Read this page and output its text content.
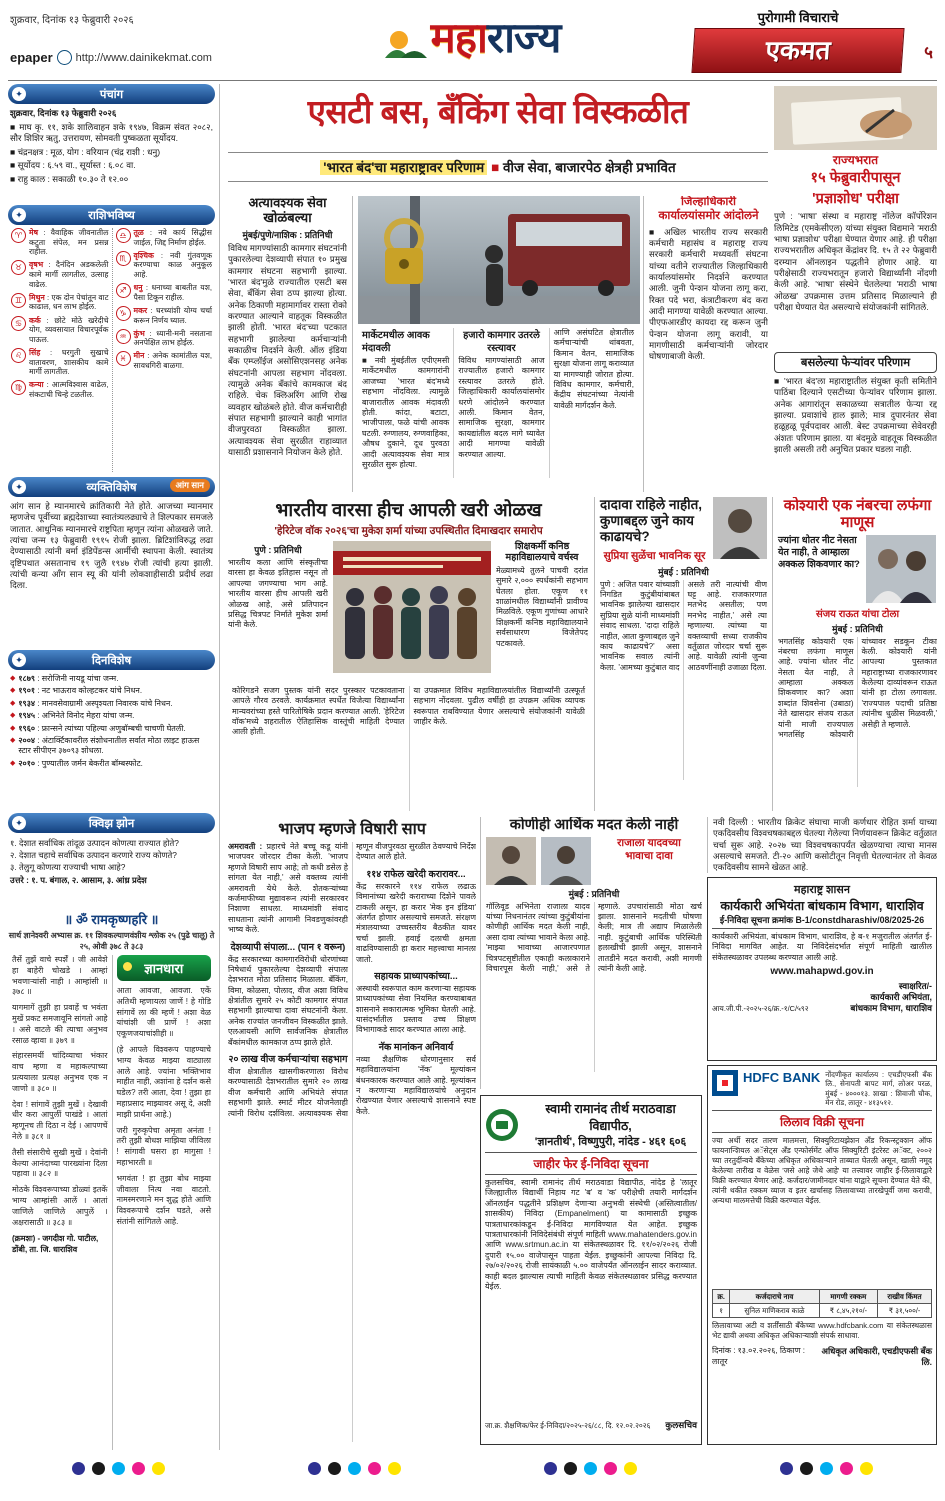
शुक्रवार, दिनांक १३ फेब्रुवारी २०२६
epaper http://www.dainikekmat.com	महाराज्य	पुरोगामी विचाराचे
एकमत	५
✦	पंचांग
शुक्रवार, दिनांक १३ फेब्रुवारी २०२६
■ माघ कृ. ११, शके शालिवाहन शके १९४७, विक्रम संवत २०८२, सौर शिशिर ऋतु, उत्तरायण, सोमवती पुष्कळता सूर्योदय.
■ चंद्रनक्षत्र : मूळ, योग : वरियान (चंद्र राशी : धनु)
■ सूर्योदय : ६.५९ वा., सूर्यास्त : ६.०८ वा.
■ राहु काल : सकाळी १०.३० ते १२.००
✦	राशिभविष्य
♈ मेष : वैवाहिक जीवनातील कटुता संपेल, मन प्रसन्न राहील.
♉ वृषभ : दैनंदिन अडकलेली कामे मार्गी लागतील, उत्साह वाढेल.
♊ मिथुन : एक दोन पेचांतून वाट काढाल, धन लाभ होईल.
♋ कर्क : छोटे मोठे खरेदीचे योग, व्यवसायात विचारपूर्वक पाऊल.
♌ सिंह : घरगुती सुखाचे वातावरण, शासकीय कामे मार्गी लागतील.
♍ कन्या : आत्मविश्वास वाढेल, संकटाची चिन्हे टळतील.
♎ तूळ : नवे कार्य सिद्धीस जाईल, जिद्द निर्माण होईल.
♏ वृश्चिक : नवी गुंतवणूक करण्याचा काळ अनुकूल आहे.
♐ धनु : धनाच्या बाबतीत यश, पैसा टिकून राहील.
♑ मकर : घरच्यांशी योग्य चर्चा करून निर्णय घ्याल.
♒ कुंभ : ध्यानी-मनी नसताना अनपेक्षित लाभ होईल.
♓ मीन : अनेक कामांतील यश, सावधगिरी बाळगा.
✦	व्यक्तिविशेष	आंग सान
आंग सान हे म्यानमारचे क्रांतिकारी नेते होते. आजच्या म्यानमार म्हणजेच पूर्वीच्या ब्रह्मदेशाच्या स्वातंत्र्यलढ्याचे ते शिल्पकार समजले जातात. आधुनिक म्यानमारचे राष्ट्रपिता म्हणून त्यांना ओळखले जाते. त्यांचा जन्म १३ फेब्रुवारी १९१५ रोजी झाला. ब्रिटिशांविरुद्ध लढा देण्यासाठी त्यांनी बर्मा इंडिपेंडन्स आर्मीची स्थापना केली. स्वातंत्र्य दृष्टिपथात असतानाच १९ जुलै १९४७ रोजी त्यांची हत्या झाली. त्यांची कन्या आँग सान स्यू की यांनी लोकशाहीसाठी प्रदीर्घ लढा दिला.
✦	दिनविशेष
◆ १८७९ : सरोजिनी नायडू यांचा जन्म.
◆ १९०१ : नट भाऊराव कोल्हटकर यांचे निधन.
◆ १९३४ : मानवसेवाग्रामी अस्पृश्यता निवारक यांचे निधन.
◆ १९४५ : अभिनेते विनोद मेहरा यांचा जन्म.
◆ १९६० : फ्रान्सने त्यांच्या पहिल्या अणुबॉम्बची चाचणी घेतली.
◆ २००४ : अंटार्क्टिकावरील संशोधनातील सर्वात मोठा लाइट हाऊस स्टार सीपीएन ३७०९३ शोधला.
◆ २०१० : पुण्यातील जर्मन बेकरीत बॉम्बस्फोट.
✦	क्विझ झोन
१. देशात सर्वाधिक तांदूळ उत्पादन कोणत्या राज्यात होते?
२. देशात चहाचे सर्वाधिक उत्पादन करणारे राज्य कोणते?
३. तेलुगू कोणत्या राज्याची भाषा आहे?
उत्तरे : १. प. बंगाल, २. आसाम, ३. आंध्र प्रदेश
॥ ॐ रामकृष्णहरि ॥
सार्थ ज्ञानेश्वरी अभ्यास क्र. ११ शिवकल्याणवंशीय श्लोक २५ (पुढे चालू) ते २५, ओवी ३७८ ते ३८३
तैसें तुझें वाचे स्पर्शें । जी आवेशे हा बाहेरी चोखडे । आम्हां भवणाऱ्यांसी नाही । आम्हांसी ॥ ३७८ ॥
यागमागें तुझी हा प्रवाहें च भवंता मुखें प्रकट समजावूनि सांगतो आहे । असे वाटले की त्याचा अनुभव रसाळ व्हावा ॥ ३७९ ॥
संहारसमयीं चांदिव्याचा भंकार वाच म्हणा व महाकल्पाच्या प्रत्ययाला प्रत्यक्ष अनुभव एक न जाणो ॥ ३८० ॥
देवा ! सांगावें तुझी मुखें । देखावी धीर करा आपुलीं पाखंडे । आतां म्हणूनच ती दिठा न देई । आपणचें नेले ॥ ३८१ ॥
तैसी संसारीचे सुखी मुखें । देवांनी केल्या आनंदाच्या पारख्यांना दिला पहावा ॥ ३८२ ॥
मोठके विश्वरूपाच्या डोळ्यां इतकें भाग्य आम्हांसी आलें । आतां जाणिले जाणिले आपुलें । अक्षरासाठी ॥ ३८३ ॥
(क्रमशः) - जगदीश गो. पाटील, डोंबी, ता. जि. धाराशिव
ज्ञानधारा
आता आवजा, आवजा. एकें अतिथी म्हणायला जाणें ! हे गोडि सांगावें ला की म्हणें ! अशा वेळ यांचांशी जी प्राणें ! अशा एकूणजयाचांशीही ॥
(हे आपले विश्वरूप पाहण्याचे भाग्य केवळ माझ्या वाट्याला आले आहे. ज्यांना भक्तिभाव माहीत नाही, अशांना हे दर्शन कसे घडेल? तरी आता, देवा ! तुझा हा महाप्रसाद माझ्यावर असू दे, अशी माझी प्रार्थना आहे.)
जरी गुरुकृपेचा अमृता अनंता ! तरी तुझी बोधश माझिया जीविला ! सांगावी घसरा हा मागुसा ! महाभारती ॥
भगवंता ! हा तुझा बोध माझ्या जीवाला नित्य नवा वाटतो. नामस्मरणाने मन शुद्ध होते आणि विश्वरूपाचे दर्शन घडते, असे संतांनी सांगितले आहे.
एसटी बस, बँकिंग सेवा विस्कळीत
'भारत बंद'चा महाराष्ट्रावर परिणाम ■ वीज सेवा, बाजारपेठ क्षेत्रही प्रभावित
अत्यावश्यक सेवा खोळंबल्या
मुंबई/पुणे/नाशिक : प्रतिनिधी
विविध मागण्यांसाठी कामगार संघटनांनी पुकारलेल्या देशव्यापी संपात १० प्रमुख कामगार संघटना सहभागी झाल्या. 'भारत बंद'मुळे राज्यातील एसटी बस सेवा, बँकिंग सेवा ठप्प झाल्या होत्या. अनेक ठिकाणी महामार्गावर रास्ता रोको करण्यात आल्याने वाहतूक विस्कळीत झाली होती. 'भारत बंद'च्या पटकात सहभागी झालेल्या कर्मचाऱ्यांनी सकाळीच निदर्शने केली. ऑल इंडिया बँक एम्प्लॉईज असोसिएशनसह अनेक संघटनांनी आपला सहभाग नोंदवला. त्यामुळे अनेक बँकांचे कामकाज बंद राहिले. चेक क्लिअरिंग आणि रोख व्यवहार खोळंबले होते. वीज कर्मचारीही संपात सहभागी झाल्याने काही भागांत वीजपुरवठा विस्कळीत झाला. अत्यावश्यक सेवा सुरळीत राहाव्यात यासाठी प्रशासनाने नियोजन केले होते.
मार्केटमधील आवक मंदावली
■ नवी मुंबईतील एपीएमसी मार्केटमधील कामगारांनी आजच्या 'भारत बंद'मध्ये सहभाग नोंदविला. त्यामुळे बाजारातील आवक मंदावली होती. कांदा, बटाटा, भाजीपाला, फळे यांची आवक घटली. रुग्णालय, रुग्णवाहिका, औषध दुकाने, दूध पुरवठा आदी अत्यावश्यक सेवा मात्र सुरळीत सुरू होत्या.
हजारो कामगार उतरले रस्त्यावर
विविध मागण्यांसाठी आज राज्यातील हजारो कामगार रस्त्यावर उतरले होते. जिल्हाधिकारी कार्यालयांसमोर धरणे आंदोलने करण्यात आली. किमान वेतन, सामाजिक सुरक्षा, कामगार कायद्यांतील बदल मागे घ्यावेत आदी मागण्या यावेळी करण्यात आल्या.
आणि असंघटित क्षेत्रातील कर्मचाऱ्यांची थांबवता, किमान वेतन, सामाजिक सुरक्षा योजना लागू कराव्यात या मागण्याही जोरात होत्या. विविध कामगार, कर्मचारी, केंद्रीय संघटनांच्या नेत्यांनी यावेळी मार्गदर्शन केले.
जिल्हाधिकारी कार्यालयांसमोर आंदोलने
■ अखिल भारतीय राज्य सरकारी कर्मचारी महासंघ व महाराष्ट्र राज्य सरकारी कर्मचारी मध्यवर्ती संघटना यांच्या वतीने राज्यातील जिल्हाधिकारी कार्यालयांसमोर निदर्शने करण्यात आली. जुनी पेन्शन योजना लागू करा, रिक्त पदे भरा, कंत्राटीकरण बंद करा आदी मागण्या यावेळी करण्यात आल्या. पीएफआरडीए कायदा रद्द करून जुनी पेन्शन योजना लागू करावी, या मागणीसाठी कर्मचाऱ्यांनी जोरदार घोषणाबाजी केली.
राज्यभरात
१५ फेब्रुवारीपासून
'प्रज्ञाशोध' परीक्षा
पुणे : 'भाषा' संस्था व महाराष्ट्र नॉलेज कॉर्पोरेशन लिमिटेड (एमकेसीएल) यांच्या संयुक्त विद्यमाने 'मराठी भाषा प्रज्ञाशोध' परीक्षा घेण्यात येणार आहे. ही परीक्षा राज्यभरातील अधिकृत केंद्रांवर दि. १५ ते २२ फेब्रुवारी दरम्यान ऑनलाइन पद्धतीने होणार आहे. या परीक्षेसाठी राज्यभरातून हजारो विद्यार्थ्यांनी नोंदणी केली आहे. 'भाषा' संस्थेने घेतलेल्या 'मराठी भाषा ओळख' उपक्रमास उत्तम प्रतिसाद मिळाल्याने ही परीक्षा घेण्यात येत असल्याचे संयोजकांनी सांगितले.
बसलेल्या फेऱ्यांवर परिणाम
■ 'भारत बंद'ला महाराष्ट्रातील संयुक्त कृती समितीने पाठिंबा दिल्याने एसटीच्या फेऱ्यांवर परिणाम झाला. अनेक आगारांतून सकाळच्या सत्रातील फेऱ्या रद्द झाल्या. प्रवाशांचे हाल झाले; मात्र दुपारनंतर सेवा हळूहळू पूर्वपदावर आली. बेस्ट उपक्रमाच्या सेवेवरही अंशतः परिणाम झाला. या बंदमुळे वाहतूक विस्कळीत झाली असली तरी अनुचित प्रकार घडला नाही.
भारतीय वारसा हीच आपली खरी ओळख
'हेरिटेज वॉक २०२६'चा मुकेश शर्मा यांच्या उपस्थितीत दिमाखदार समारोप
पुणे : प्रतिनिधी
भारतीय कला आणि संस्कृतीचा वारसा हा केवळ इतिहास नसून तो आपल्या जगण्याचा भाग आहे. भारतीय वारसा हीच आपली खरी ओळख आहे, असे प्रतिपादन प्रसिद्ध चित्रपट निर्माते मुकेश शर्मा यांनी केले.
शिक्षकर्मी कनिष्ठ महाविद्यालयाचे वर्चस्व
मेळ्यामध्ये तुलने पाचवी दरांत सुमारे २,००० स्पर्धकांनी सहभाग घेतला होता. एकूण ११ शाळांमधील विद्यार्थ्यांनी प्रावीण्य मिळविले. एकूण गुणांच्या आधारे शिक्षकर्मी कनिष्ठ महाविद्यालयाने सर्वसाधारण विजेतेपद पटकावले.
कोरिगडने सजग पुस्तक यांनी सदर पुरस्कार पटकावताना आपले गौरव ठरवले. कार्यक्रमात स्पर्धेत विजेत्या विद्यार्थ्यांना मान्यवरांच्या हस्ते पारितोषिके प्रदान करण्यात आली. 'हेरिटेज वॉक'मध्ये शहरातील ऐतिहासिक वास्तूंची माहिती देण्यात आली होती.
या उपक्रमात विविध महाविद्यालयांतील विद्यार्थ्यांनी उत्स्फूर्त सहभाग नोंदवला. पुढील वर्षीही हा उपक्रम अधिक व्यापक स्वरूपात राबविण्यात येणार असल्याचे संयोजकांनी यावेळी जाहीर केले.
दादावा राहिले नाहीत, कुणाबद्दल जुने काय काढायचे?
सुप्रिया सुळेंचा भावनिक सूर
मुंबई : प्रतिनिधी
पुणे : अजित पवार यांच्याशी निगडित कुटुंबीयांबाबत भावनिक झालेल्या खासदार सुप्रिया सुळे यांनी माध्यमांशी संवाद साधला. 'दादा राहिले नाहीत, आता कुणाबद्दल जुने काय काढायचे?' असा भावनिक सवाल त्यांनी केला. 'आमच्या कुटुंबात वाद असले तरी नात्यांची वीण घट्ट आहे. राजकारणात मतभेद असतील; पण मनभेद नाहीत,' असे त्या म्हणाल्या. त्यांच्या या वक्तव्याची सध्या राजकीय वर्तुळात जोरदार चर्चा सुरू आहे. यावेळी त्यांनी जुन्या आठवणींनाही उजाळा दिला.
कोश्यारी एक नंबरचा लफंगा माणूस
ज्यांना धोतर नीट नेसता येत नाही, ते आम्हाला अक्कल शिकवणार का?
संजय राऊत यांचा टोला
मुंबई : प्रतिनिधी
भगतसिंह कोश्यारी एक नंबरचा लफंगा माणूस आहे. ज्यांना धोतर नीट नेसता येत नाही, ते आम्हाला अक्कल शिकवणार का? अशा शब्दांत शिवसेना (उबाठा) नेते खासदार संजय राऊत यांनी माजी राज्यपाल भगतसिंह कोश्यारी यांच्यावर सडकून टीका केली. कोश्यारी यांनी आपल्या पुस्तकात महाराष्ट्राच्या राजकारणावर केलेल्या दाव्यांवरून राऊत यांनी हा टोला लगावला. 'राज्यपाल पदाची प्रतिष्ठा त्यांनीच धुळीस मिळवली,' असेही ते म्हणाले.
भाजप म्हणजे विषारी साप
अमरावती : प्रहारचे नेते बच्चू कडू यांनी भाजपवर जोरदार टीका केली. 'भाजप म्हणजे विषारी साप आहे; तो कधी डसेल हे सांगता येत नाही,' असे वक्तव्य त्यांनी अमरावती येथे केले. शेतकऱ्यांच्या कर्जमाफीच्या मुद्यावरून त्यांनी सरकारवर निशाणा साधला. माध्यमांशी संवाद साधताना त्यांनी आगामी निवडणुकांवरही भाष्य केले.
देशव्यापी संपाला... (पान १ वरून)
केंद्र सरकारच्या कामगारविरोधी धोरणांच्या निषेधार्थ पुकारलेल्या देशव्यापी संपाला देशभरात मोठा प्रतिसाद मिळाला. बँकिंग, विमा, कोळसा, पोलाद, वीज अशा विविध क्षेत्रांतील सुमारे २५ कोटी कामगार संपात सहभागी झाल्याचा दावा संघटनांनी केला. अनेक राज्यांत जनजीवन विस्कळीत झाले. एलआयसी आणि सार्वजनिक क्षेत्रातील बँकांमधील कामकाज ठप्प झाले होते.
२० लाख वीज कर्मचाऱ्यांचा सहभाग
वीज क्षेत्रातील खासगीकरणाला विरोध करण्यासाठी देशभरातील सुमारे २० लाख वीज कर्मचारी आणि अभियंते संपात सहभागी झाले. स्मार्ट मीटर योजनेलाही त्यांनी विरोध दर्शविला. अत्यावश्यक सेवा म्हणून वीजपुरवठा सुरळीत ठेवण्याचे निर्देश देण्यात आले होते.
११४ राफेल खरेदी करारावर...
केंद्र सरकारने ११४ राफेल लढाऊ विमानांच्या खरेदी कराराच्या दिशेने पावले टाकली असून, हा करार 'मेक इन इंडिया' अंतर्गत होणार असल्याचे समजते. संरक्षण मंत्रालयाच्या उच्चस्तरीय बैठकीत यावर चर्चा झाली. हवाई दलाची क्षमता वाढविण्यासाठी हा करार महत्त्वाचा मानला जातो.
सहायक प्राध्यापकांच्या...
अस्थायी स्वरूपात काम करणाऱ्या सहायक प्राध्यापकांच्या सेवा नियमित करण्याबाबत शासनाने सकारात्मक भूमिका घेतली आहे. यासंदर्भातील प्रस्ताव उच्च शिक्षण विभागाकडे सादर करण्यात आला आहे.
नॅक मानांकन अनिवार्य
नव्या शैक्षणिक धोरणानुसार सर्व महाविद्यालयांना 'नॅक' मूल्यांकन बंधनकारक करण्यात आले आहे. मूल्यांकन न करणाऱ्या महाविद्यालयांचे अनुदान रोखण्यात येणार असल्याचे शासनाने स्पष्ट केले.
कोणीही आर्थिक मदत केली नाही
राजाला यादवच्या
भावाचा दावा
मुंबई : प्रतिनिधी
गॉलिवूड अभिनेता राजाला यादव यांच्या निधनानंतर त्यांच्या कुटुंबीयांना कोणीही आर्थिक मदत केली नाही, असा दावा त्यांच्या भावाने केला आहे. 'माझ्या भावाच्या आजारपणात चित्रपटसृष्टीतील एकाही कलाकाराने विचारपूस केली नाही,' असे ते म्हणाले. उपचारांसाठी मोठा खर्च झाला. शासनाने मदतीची घोषणा केली; मात्र ती अद्याप मिळालेली नाही. कुटुंबाची आर्थिक परिस्थिती हलाखीची झाली असून, शासनाने तातडीने मदत करावी, अशी मागणी त्यांनी केली आहे.
नवी दिल्ली : भारतीय क्रिकेट संघाचा माजी कर्णधार रोहित शर्मा याच्या एकदिवसीय विश्वचषकाबद्दल घेतल्या गेलेल्या निर्णयावरून क्रिकेट वर्तुळात चर्चा सुरू आहे. २०२७ च्या विश्वचषकापर्यंत खेळण्याचा त्याचा मानस असल्याचे समजते. टी-२० आणि कसोटीतून निवृत्ती घेतल्यानंतर तो केवळ एकदिवसीय सामने खेळत आहे.
महाराष्ट्र शासन
कार्यकारी अभियंता बांधकाम विभाग, धाराशिव
ई-निविदा सूचना क्रमांक B-1/constdharashiv/08/2025-26
कार्यकारी अभियंता, बांधकाम विभाग, धाराशिव, हे ब-१ मजुरातील अंतर्गत ई-निविदा मागवित आहेत. या निविदेसंदर्भात संपूर्ण माहिती खालील संकेतस्थळावर उपलब्ध करण्यात आली आहे.
www.mahapwd.gov.in
आय.जी.पी.-२०२५-२६/क्र.-१/C/५९२
स्वाक्षरित/-
कार्यकारी अभियंता,
बांधकाम विभाग, धाराशिव
स्वामी रामानंद तीर्थ मराठवाडा विद्यापीठ,
'ज्ञानतीर्थ', विष्णुपुरी, नांदेड - ४६१ ६०६
जाहीर फेर ई-निविदा सूचना
कुलसचिव, स्वामी रामानंद तीर्थ मराठवाडा विद्यापीठ, नांदेड हे 'लातूर जिल्ह्यातील विद्यार्थी निहाय गट 'ब' व 'क' परीक्षेची तयारी मार्गदर्शन ऑनलाईन पद्धतीने प्रशिक्षण देणाऱ्या अनुभवी संस्थेची (अस्तित्वातील/शासकीय) निविदा (Empanelment) या कामासाठी इच्छुक पात्रताधारकांकडून ई-निविदा मागविण्यात येत आहेत. इच्छुक पात्रताधारकांनी निविदेसंबंधी संपूर्ण माहिती www.mahatenders.gov.in आणि www.srtmun.ac.in या संकेतस्थळावर दि. ११/०२/२०२६ रोजी दुपारी १५.०० वाजेपासून पाहता येईल. इच्छुकांनी आपल्या निविदा दि. २७/०२/२०२६ रोजी सायंकाळी ५.०० वाजेपर्यंत ऑनलाईन सादर कराव्यात. काही बदल झाल्यास त्याची माहिती केवळ संकेतस्थळावर प्रसिद्ध करण्यात येईल.
जा.क्र. शैक्षणिक/फेर ई-निविदा/२०२५-२६/८८, दि. १२.०२.२०२६ कुलसचिव
HDFC BANK नोंदणीकृत कार्यालय : एचडीएफसी बँक लि., सेनापती बापट मार्ग, लोअर परळ, मुंबई - ४०००१३. शाखा : शिवाजी चौक, मेन रोड, लातूर - ४१३५१२.
लिलाव विक्री सूचना
ज्या अर्थी सदर तारण मालमत्ता, सिक्युरिटायझेशन अँड रिकन्स्ट्रक्शन ऑफ फायनान्शियल अॅसेट्स अँड एन्फोर्समेंट ऑफ सिक्युरिटी इंटरेस्ट अॅक्ट, २००२ च्या तरतुदींन्वये बँकेच्या अधिकृत अधिकाऱ्याने ताब्यात घेतली असून, खाली नमूद केलेल्या तारीख व वेळेस 'जसे आहे जेथे आहे' या तत्त्वावर जाहीर ई-लिलावाद्वारे विक्री करण्यात येणार आहे. कर्जदार/जामीनदार यांना याद्वारे सूचना देण्यात येते की, त्यांनी थकीत रक्कम व्याज व इतर खर्चासह लिलावाच्या तारखेपूर्वी जमा करावी, अन्यथा मालमत्तेची विक्री करण्यात येईल.
क्र.	कर्जदाराचे नाव	मागणी रक्कम	राखीव किंमत
१	सुनिल माणिकराव काळे	₹ ८,४५,२१०/-	₹ ३१,५००/-
लिलावाच्या अटी व शर्तींसाठी बँकेच्या www.hdfcbank.com या संकेतस्थळास भेट द्यावी अथवा अधिकृत अधिकाऱ्याशी संपर्क साधावा.
दिनांक : १३.०२.२०२६, ठिकाण : लातूर
अधिकृत अधिकारी, एचडीएफसी बँक लि.
